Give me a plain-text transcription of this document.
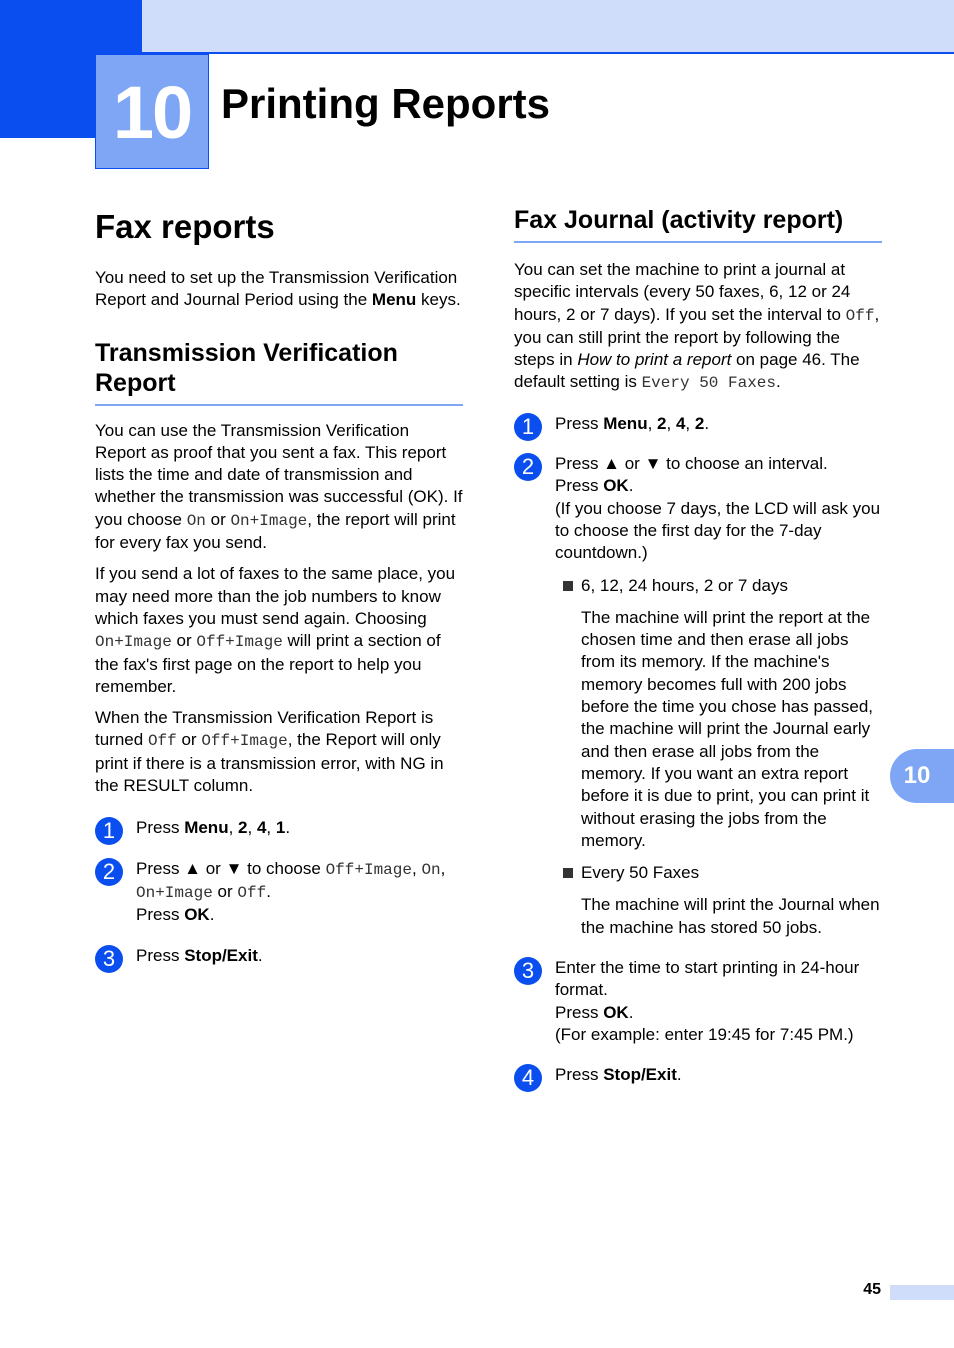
10 Printing Reports
Fax reports

You need to set up the Transmission Verification Report and Journal Period using the Menu keys.

Transmission Verification Report

You can use the Transmission Verification Report as proof that you sent a fax. This report lists the time and date of transmission and whether the transmission was successful (OK). If you choose On or On+Image, the report will print for every fax you send.

If you send a lot of faxes to the same place, you may need more than the job numbers to know which faxes you must send again. Choosing On+Image or Off+Image will print a section of the fax's first page on the report to help you remember.

When the Transmission Verification Report is turned Off or Off+Image, the Report will only print if there is a transmission error, with NG in the RESULT column.

1	Press Menu, 2, 4, 1.
2	Press ▲ or ▼ to choose Off+Image, On, On+Image or Off.
Press OK.
3	Press Stop/Exit.
Fax Journal (activity report)

You can set the machine to print a journal at specific intervals (every 50 faxes, 6, 12 or 24 hours, 2 or 7 days). If you set the interval to Off, you can still print the report by following the steps in How to print a report on page 46. The default setting is Every 50 Faxes.

1	Press Menu, 2, 4, 2.
2	Press ▲ or ▼ to choose an interval.
Press OK.
(If you choose 7 days, the LCD will ask you to choose the first day for the 7-day countdown.)
6, 12, 24 hours, 2 or 7 days

The machine will print the report at the chosen time and then erase all jobs from its memory. If the machine's memory becomes full with 200 jobs before the time you chose has passed, the machine will print the Journal early and then erase all jobs from the memory. If you want an extra report before it is due to print, you can print it without erasing the jobs from the memory.

Every 50 Faxes

The machine will print the Journal when the machine has stored 50 jobs.

3	Enter the time to start printing in 24-hour format.
Press OK.
(For example: enter 19:45 for 7:45 PM.)
4	Press Stop/Exit.
10
45
